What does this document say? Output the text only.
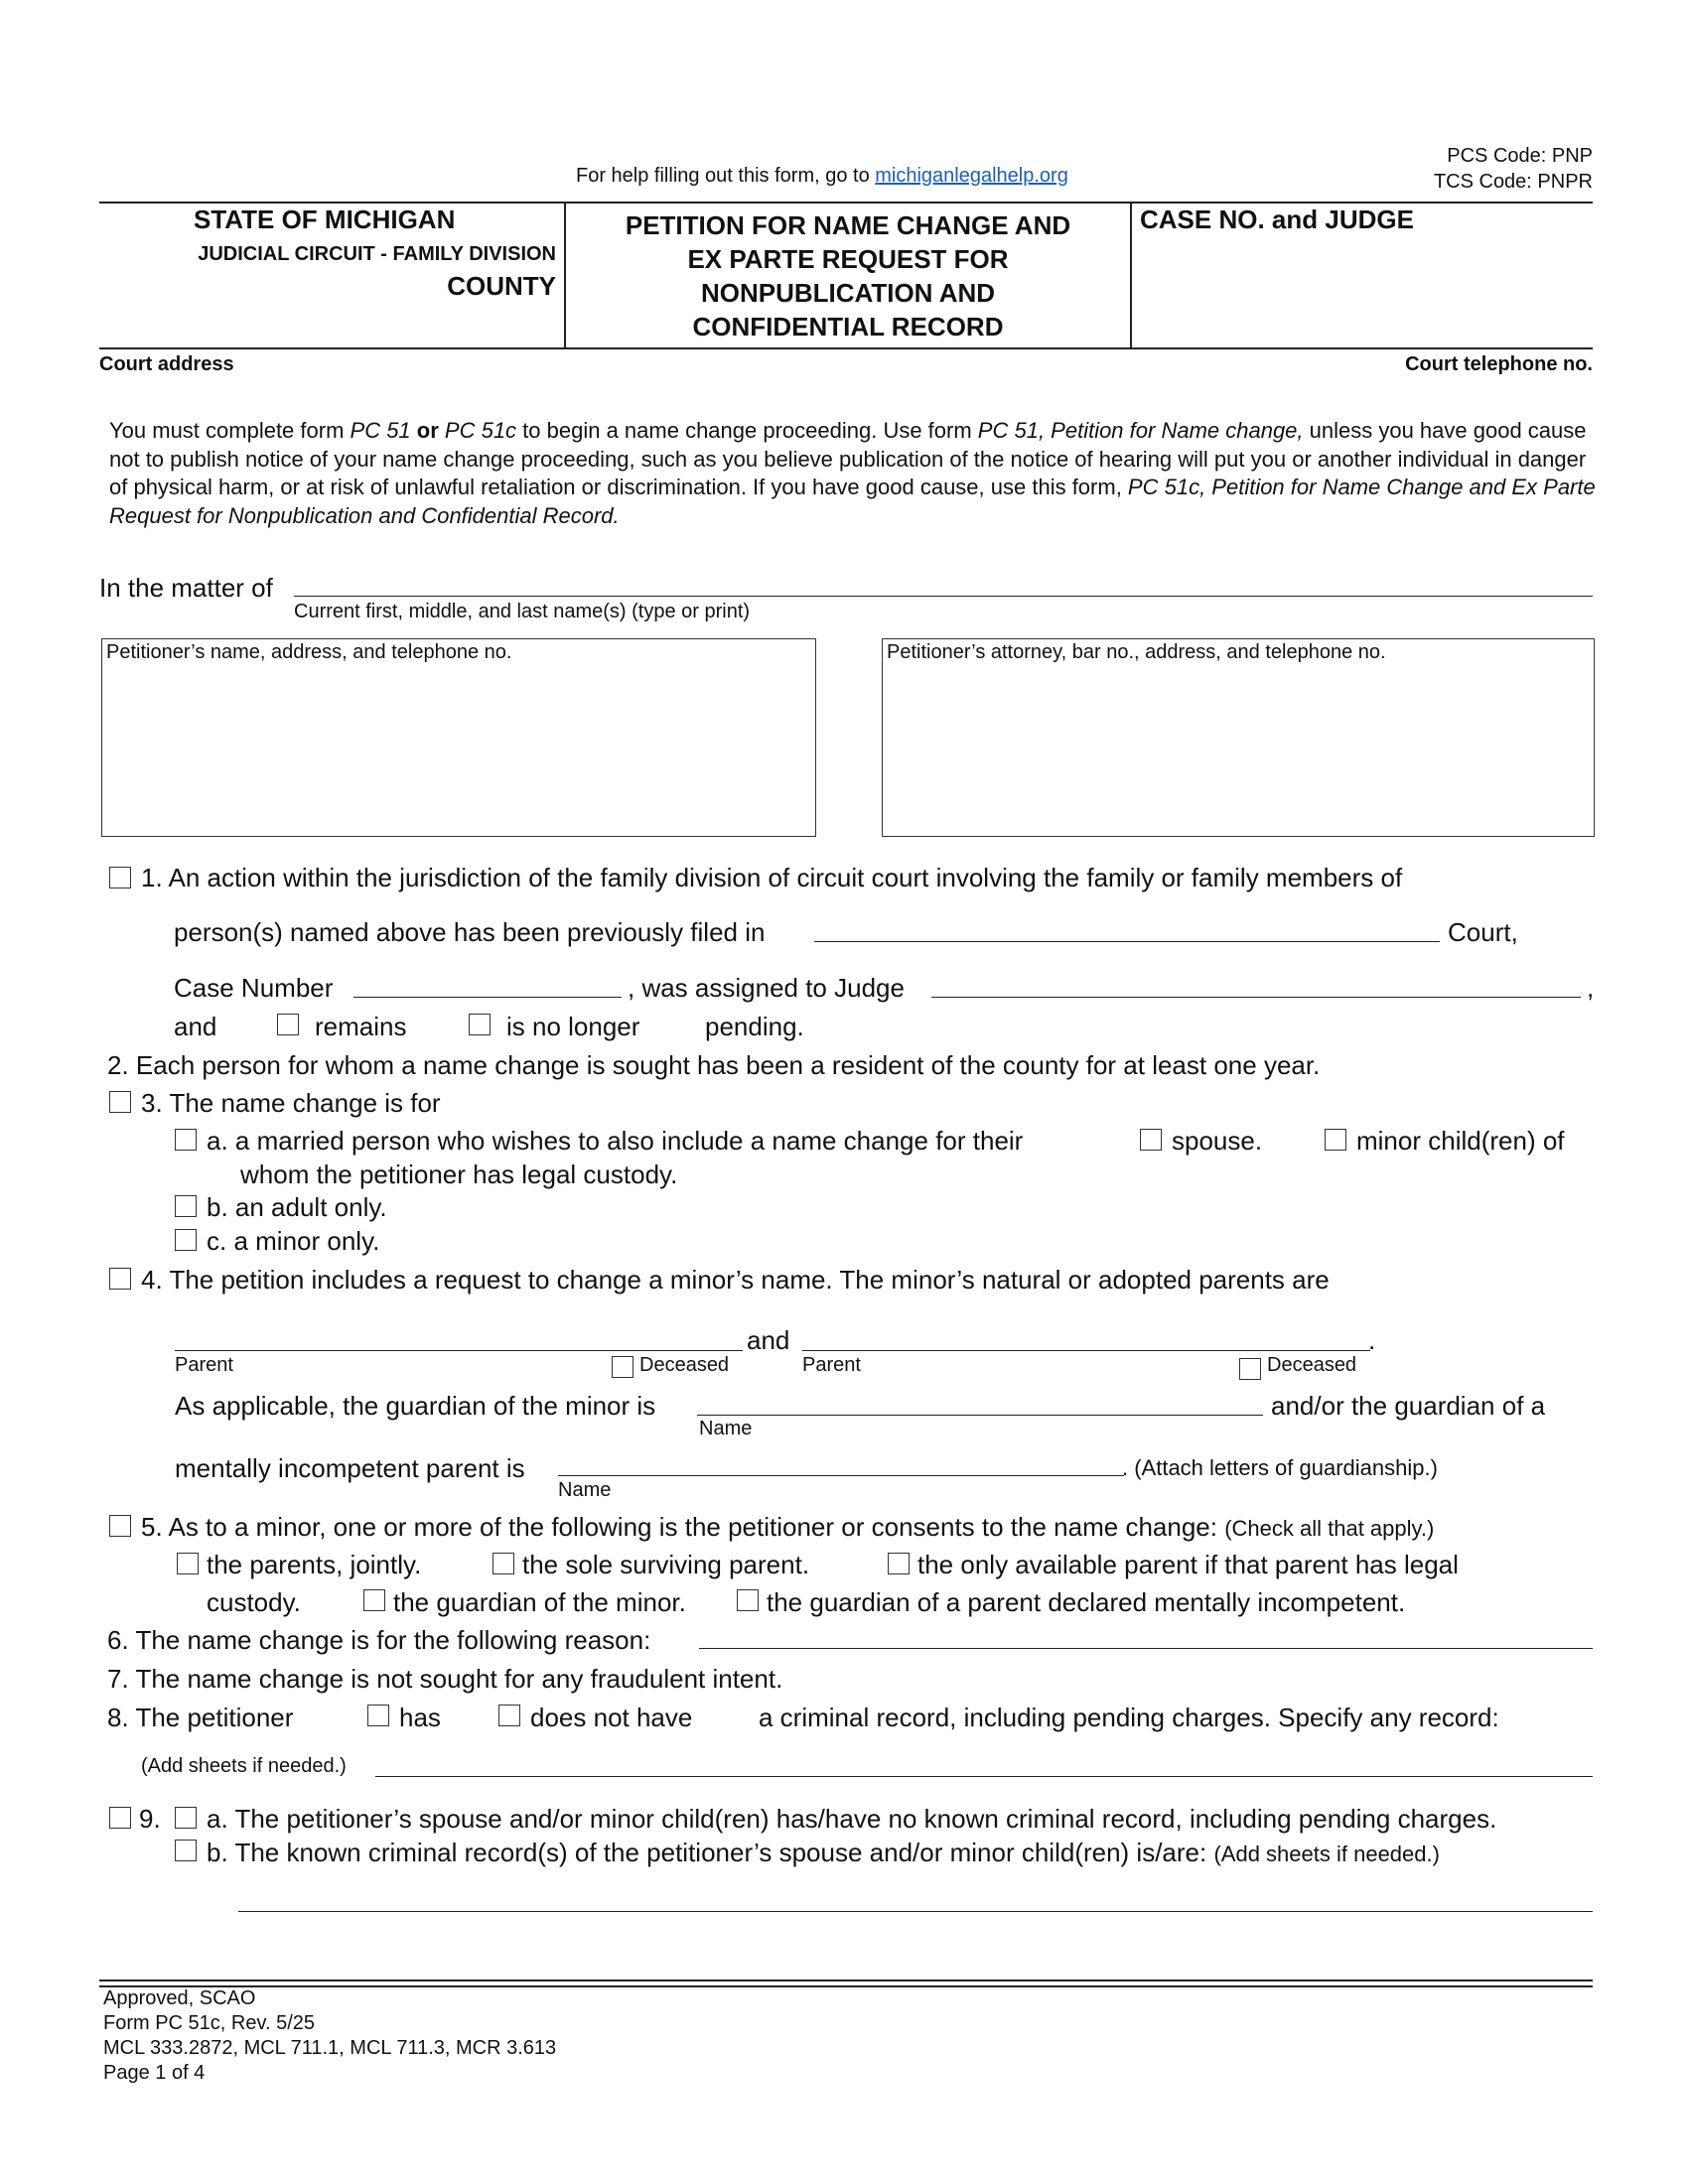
For help filling out this form, go to michiganlegalhelp.org
PCS Code: PNP
TCS Code: PNPR
STATE OF MICHIGAN
JUDICIAL CIRCUIT - FAMILY DIVISION
COUNTY
PETITION FOR NAME CHANGE AND
EX PARTE REQUEST FOR
NONPUBLICATION AND
CONFIDENTIAL RECORD
CASE NO. and JUDGE
Court address	Court telephone no.
You must complete form PC 51 or PC 51c to begin a name change proceeding. Use form PC 51, Petition for Name change, unless you have good cause not to publish notice of your name change proceeding, such as you believe publication of the notice of hearing will put you or another individual in danger of physical harm, or at risk of unlawful retaliation or discrimination. If you have good cause, use this form, PC 51c, Petition for Name Change and Ex Parte Request for Nonpublication and Confidential Record.
In the matter of
Current first, middle, and last name(s) (type or print)
Petitioner’s name, address, and telephone no.	Petitioner’s attorney, bar no., address, and telephone no.
1. An action within the jurisdiction of the family division of circuit court involving the family or family members of
person(s) named above has been previously filed in	Court,
Case Number	, was assigned to Judge	,
and	remains	is no longer	pending.
2. Each person for whom a name change is sought has been a resident of the county for at least one year.
3. The name change is for
a. a married person who wishes to also include a name change for their	spouse.	minor child(ren) of
whom the petitioner has legal custody.
b. an adult only.
c. a minor only.
4. The petition includes a request to change a minor’s name. The minor’s natural or adopted parents are
and	.
Parent	Deceased	Parent	Deceased
As applicable, the guardian of the minor is	and/or the guardian of a
Name
mentally incompetent parent is	. (Attach letters of guardianship.)
Name
5. As to a minor, one or more of the following is the petitioner or consents to the name change: (Check all that apply.)
the parents, jointly.	the sole surviving parent.	the only available parent if that parent has legal
custody.	the guardian of the minor.	the guardian of a parent declared mentally incompetent.
6. The name change is for the following reason:
7. The name change is not sought for any fraudulent intent.
8. The petitioner	has	does not have	a criminal record, including pending charges. Specify any record:
(Add sheets if needed.)
9. a. The petitioner’s spouse and/or minor child(ren) has/have no known criminal record, including pending charges.
b. The known criminal record(s) of the petitioner’s spouse and/or minor child(ren) is/are: (Add sheets if needed.)
Approved, SCAO
Form PC 51c, Rev. 5/25
MCL 333.2872, MCL 711.1, MCL 711.3, MCR 3.613
Page 1 of 4
